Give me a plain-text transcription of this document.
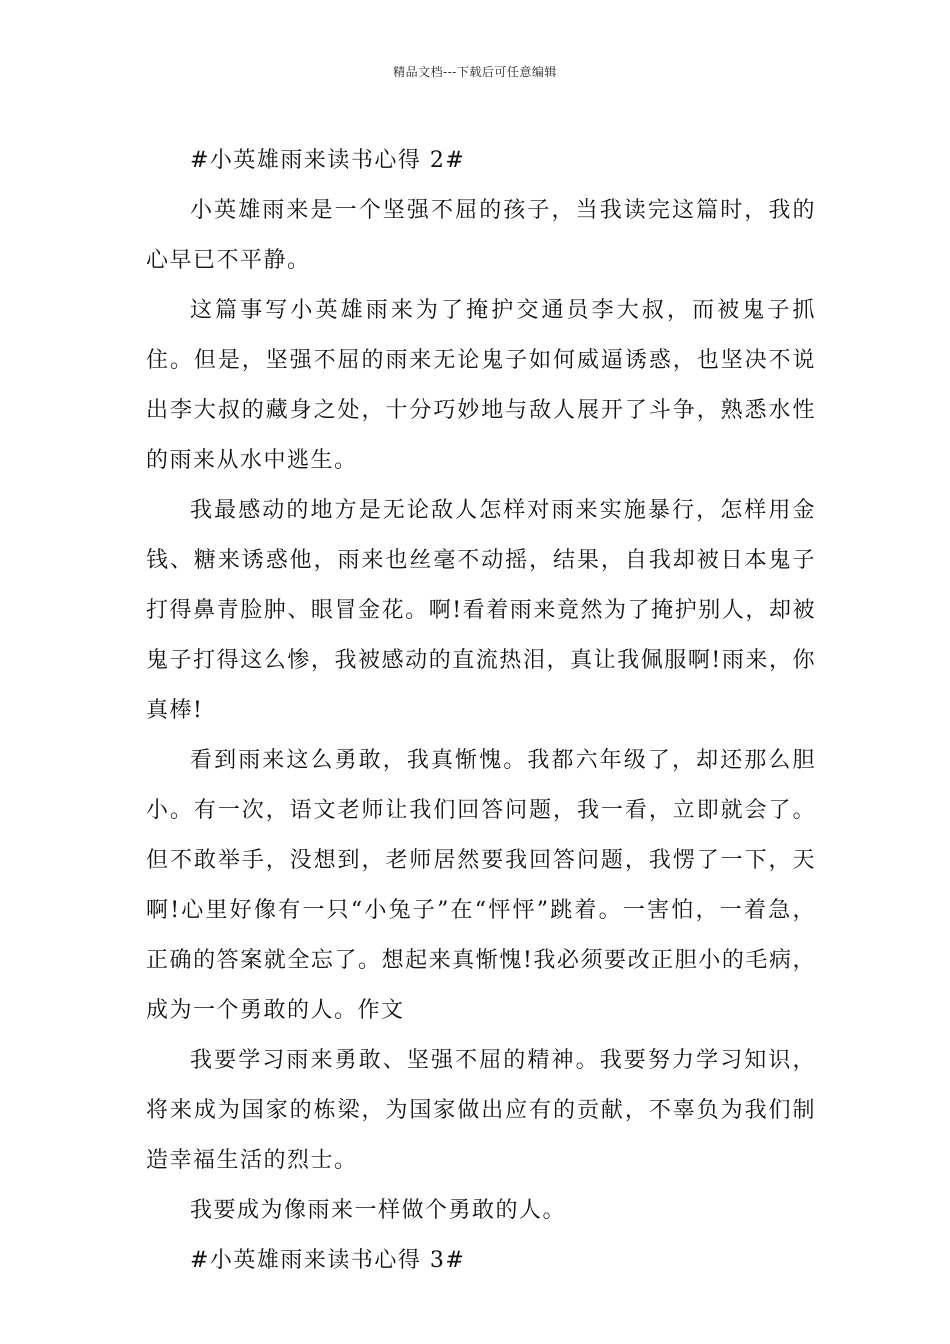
精品文档---下载后可任意编辑

#小英雄雨来读书心得 2#

小英雄雨来是一个坚强不屈的孩子，当我读完这篇时，我的心早已不平静。

这篇事写小英雄雨来为了掩护交通员李大叔，而被鬼子抓住。但是，坚强不屈的雨来无论鬼子如何威逼诱惑，也坚决不说出李大叔的藏身之处，十分巧妙地与敌人展开了斗争，熟悉水性的雨来从水中逃生。

我最感动的地方是无论敌人怎样对雨来实施暴行，怎样用金钱、糖来诱惑他，雨来也丝毫不动摇，结果，自我却被日本鬼子打得鼻青脸肿、眼冒金花。啊!看着雨来竟然为了掩护别人，却被鬼子打得这么惨，我被感动的直流热泪，真让我佩服啊!雨来，你真棒!

看到雨来这么勇敢，我真惭愧。我都六年级了，却还那么胆小。有一次，语文老师让我们回答问题，我一看，立即就会了。但不敢举手，没想到，老师居然要我回答问题，我愣了一下，天啊!心里好像有一只“小兔子”在“怦怦”跳着。一害怕，一着急，正确的答案就全忘了。想起来真惭愧!我必须要改正胆小的毛病，成为一个勇敢的人。作文

我要学习雨来勇敢、坚强不屈的精神。我要努力学习知识，将来成为国家的栋梁，为国家做出应有的贡献，不辜负为我们制造幸福生活的烈士。

我要成为像雨来一样做个勇敢的人。

#小英雄雨来读书心得 3#
